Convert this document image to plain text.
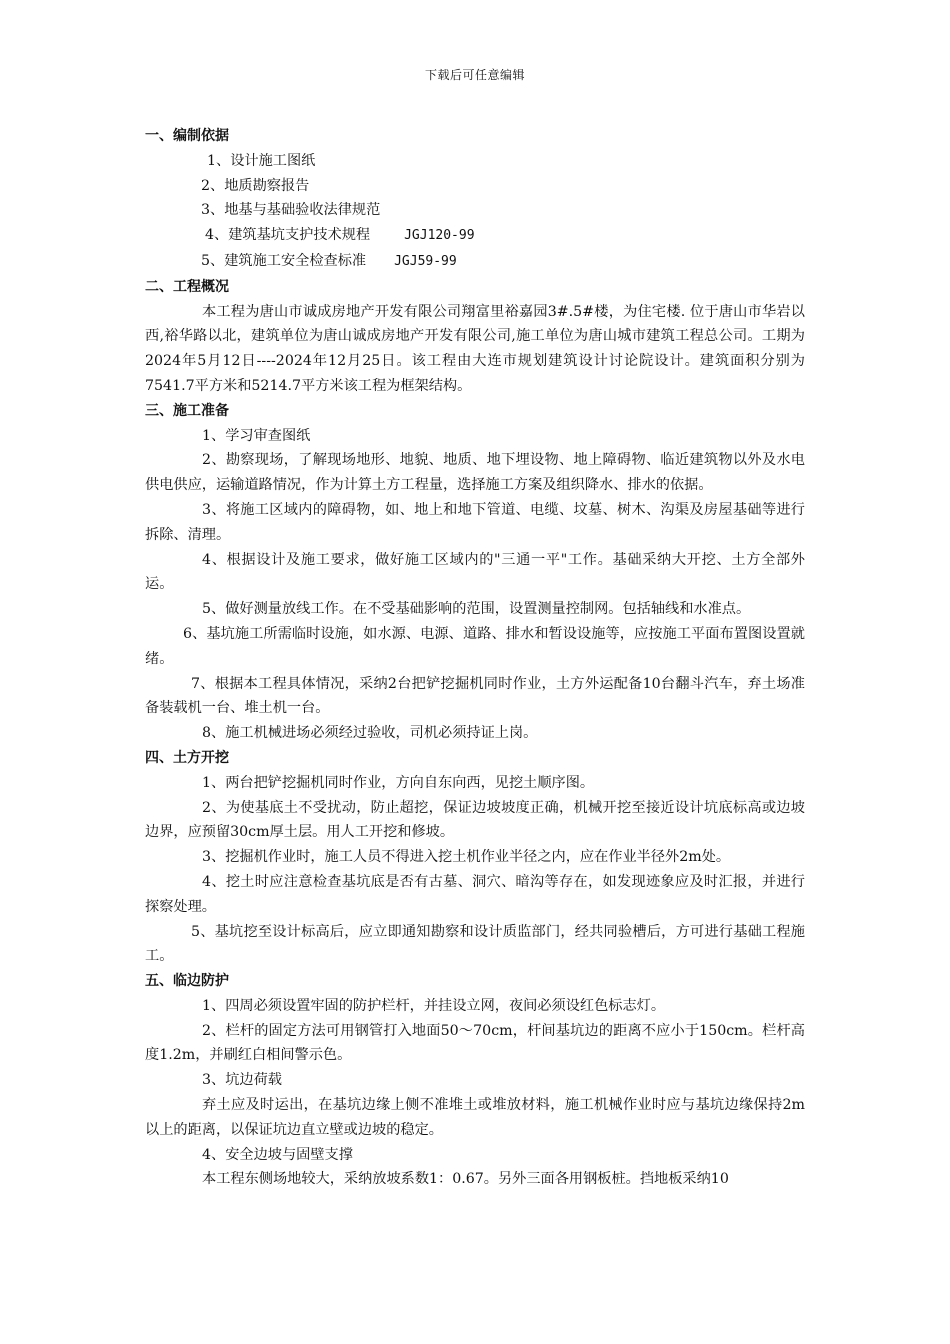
下载后可任意编辑
一、编制依据
1、设计施工图纸
2、地质勘察报告
3、地基与基础验收法律规范
4、建筑基坑支护技术规程	JGJ120-99
5、建筑施工安全检查标准 JGJ59-99
二、工程概况

本工程为唐山市诚成房地产开发有限公司翔富里裕嘉园3#.5#楼，为住宅楼. 位于唐山市华岩以西,裕华路以北，建筑单位为唐山诚成房地产开发有限公司,施工单位为唐山城市建筑工程总公司。工期为2024年5月12日----2024年12月25日。该工程由大连市规划建筑设计讨论院设计。建筑面积分别为7541.7平方米和5214.7平方米该工程为框架结构。

三、施工准备

1、学习审查图纸

2、勘察现场，了解现场地形、地貌、地质、地下埋设物、地上障碍物、临近建筑物以外及水电供电供应，运输道路情况，作为计算土方工程量，选择施工方案及组织降水、排水的依据。

3、将施工区域内的障碍物，如、地上和地下管道、电缆、坟墓、树木、沟渠及房屋基础等进行拆除、清理。

4、根据设计及施工要求，做好施工区域内的"三通一平"工作。基础采纳大开挖、土方全部外运。

5、做好测量放线工作。在不受基础影响的范围，设置测量控制网。包括轴线和水准点。

6、基坑施工所需临时设施，如水源、电源、道路、排水和暂设设施等，应按施工平面布置图设置就绪。

7、根据本工程具体情况，采纳2台把铲挖掘机同时作业，土方外运配备10台翻斗汽车，弃土场准备装载机一台、堆土机一台。

8、施工机械进场必须经过验收，司机必须持证上岗。

四、土方开挖

1、两台把铲挖掘机同时作业，方向自东向西，见挖土顺序图。

2、为使基底土不受扰动，防止超挖，保证边坡坡度正确，机械开挖至接近设计坑底标高或边坡边界，应预留30cm厚土层。用人工开挖和修坡。

3、挖掘机作业时，施工人员不得进入挖土机作业半径之内，应在作业半径外2m处。

4、挖土时应注意检查基坑底是否有古墓、洞穴、暗沟等存在，如发现迹象应及时汇报，并进行探察处理。

5、基坑挖至设计标高后，应立即通知勘察和设计质监部门，经共同验槽后，方可进行基础工程施工。

五、临边防护

1、四周必须设置牢固的防护栏杆，并挂设立网，夜间必须设红色标志灯。

2、栏杆的固定方法可用钢管打入地面50～70cm，杆间基坑边的距离不应小于150cm。栏杆高度1.2m，并刷红白相间警示色。

3、坑边荷载

弃土应及时运出，在基坑边缘上侧不准堆土或堆放材料，施工机械作业时应与基坑边缘保持2m以上的距离，以保证坑边直立壁或边坡的稳定。

4、安全边坡与固壁支撑

本工程东侧场地较大，采纳放坡系数1：0.67。另外三面各用钢板桩。挡地板采纳10
